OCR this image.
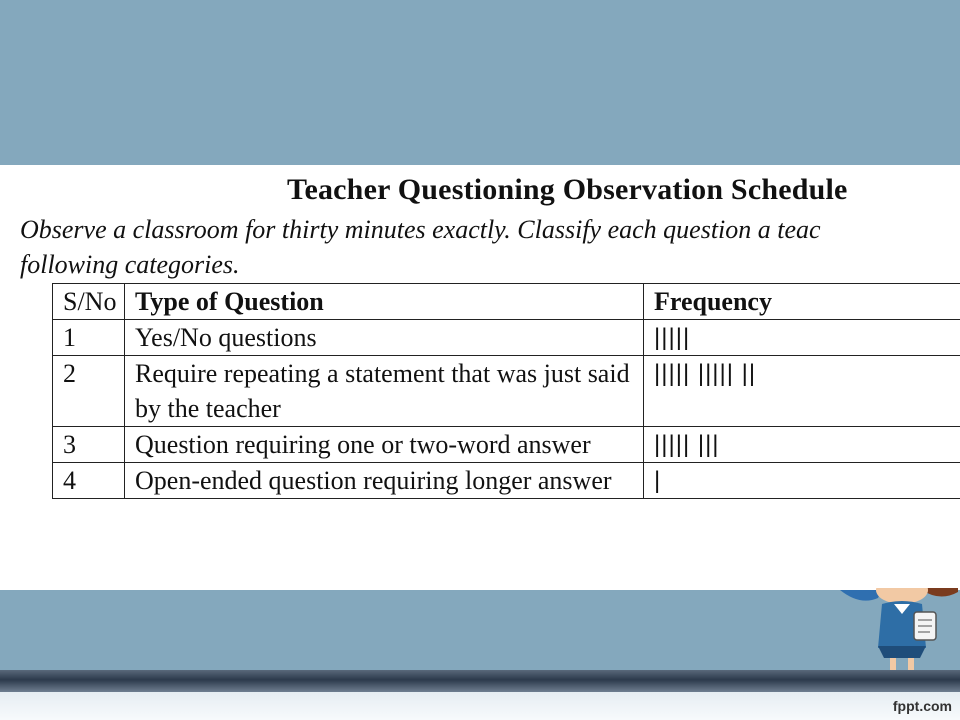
Teacher Questioning Observation Schedule
Observe a classroom for thirty minutes exactly. Classify each question a teac
following categories.
S/No	Type of Question	Frequency
1	Yes/No questions	|||||
2	Require repeating a statement that was just said by the teacher	||||| ||||| ||
3	Question requiring one or two-word answer	||||| |||
4	Open-ended question requiring longer answer	|
fppt.com
